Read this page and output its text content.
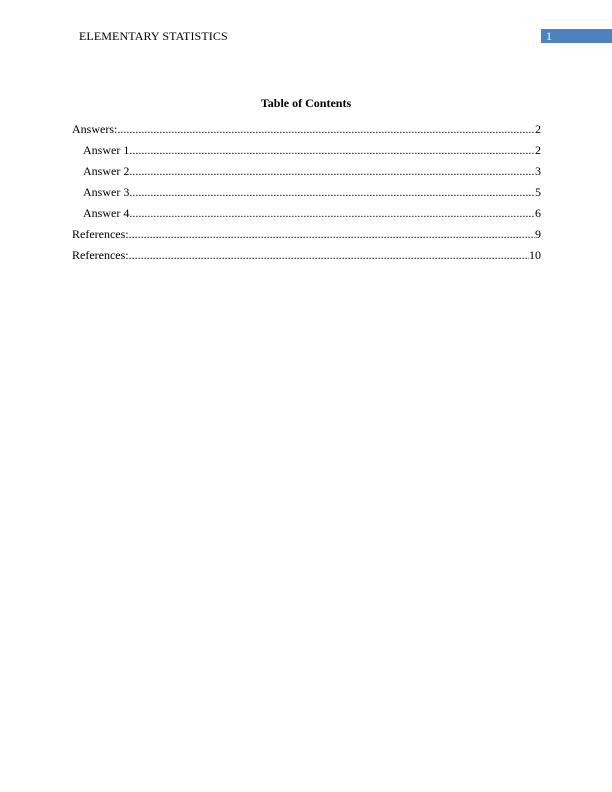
ELEMENTARY STATISTICS	1
Table of Contents
Answers: .....	2
Answer 1 .....	2
Answer 2 .....	3
Answer 3 .....	5
Answer 4 .....	6
References: .....	9
References: .....	10
